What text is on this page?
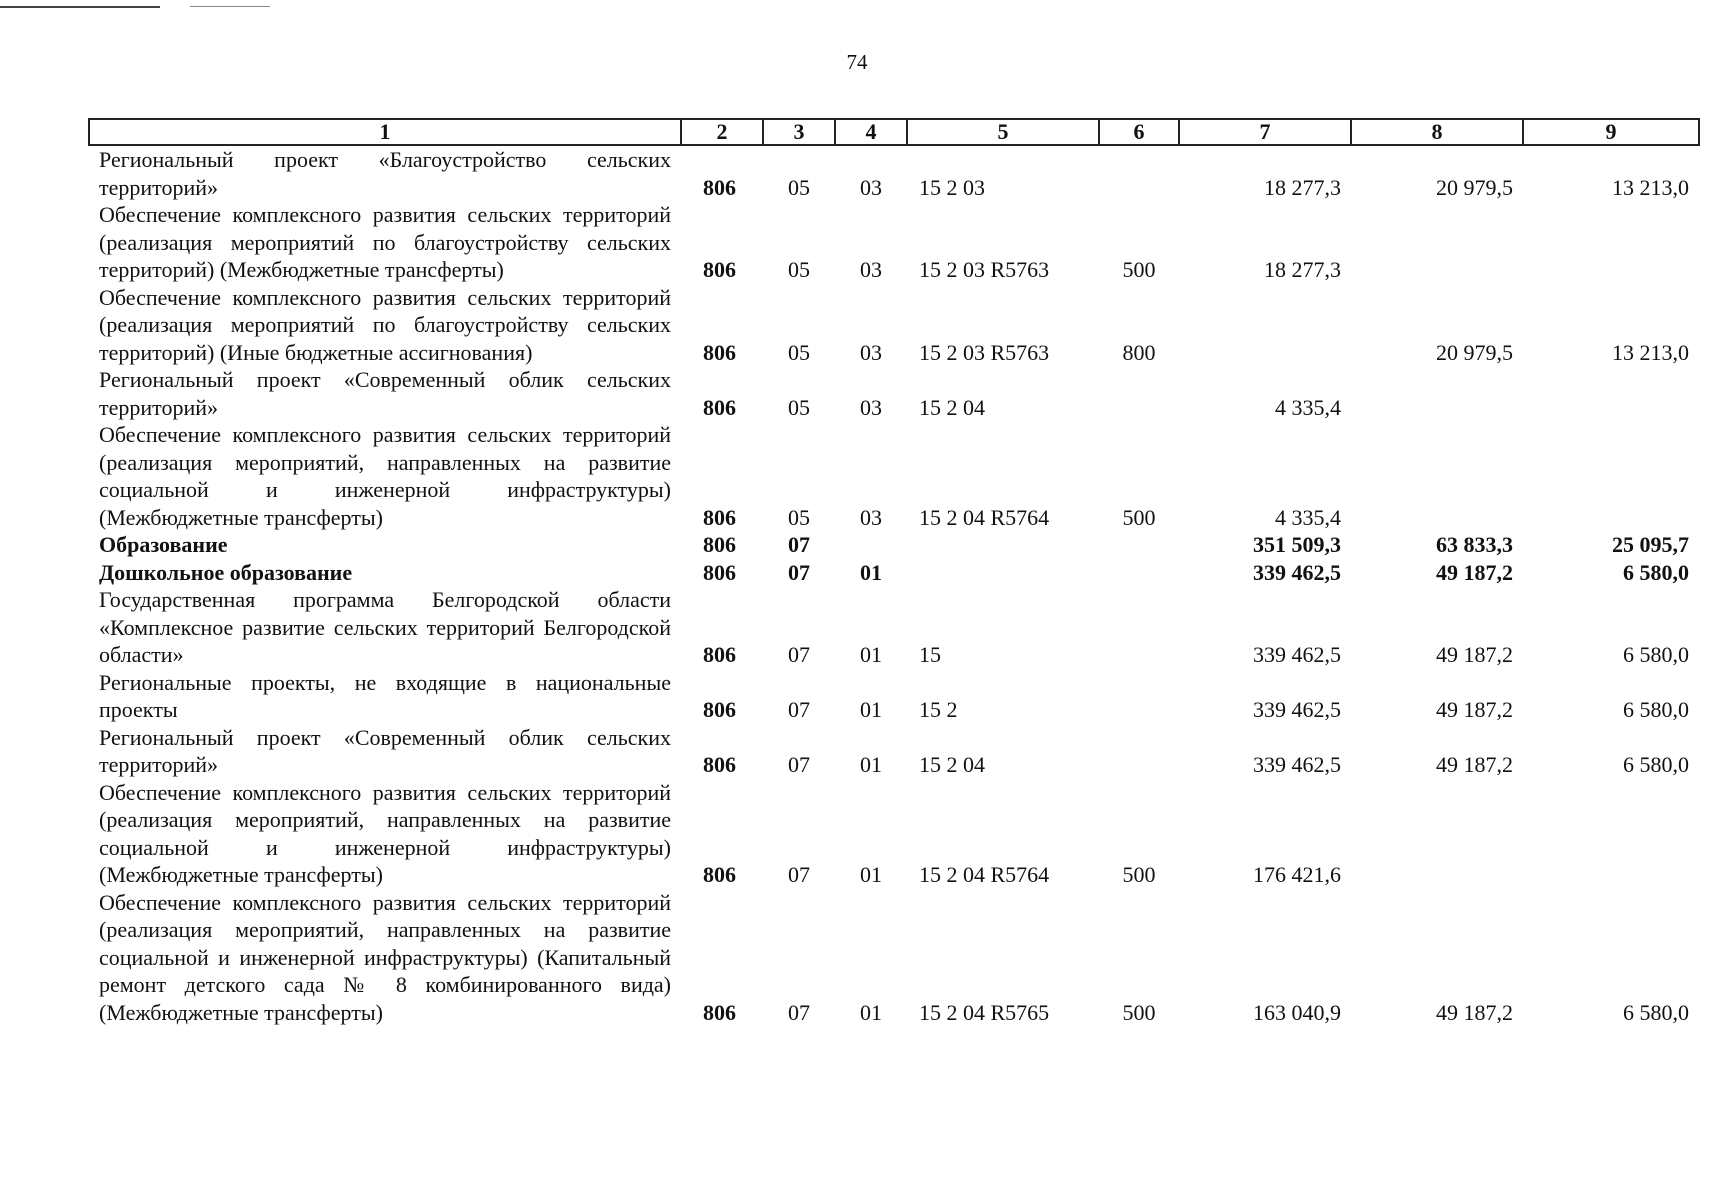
74
1	2	3	4	5	6	7	8	9
Региональный проект «Благоустройство сельских территорий»	806	05	03	15 2 03		18 277,3	20 979,5	13 213,0
Обеспечение комплексного развития сельских территорий (реализация мероприятий по благоустройству сельских территорий) (Межбюджетные трансферты)	806	05	03	15 2 03 R5763	500	18 277,3		
Обеспечение комплексного развития сельских территорий (реализация мероприятий по благоустройству сельских территорий) (Иные бюджетные ассигнования)	806	05	03	15 2 03 R5763	800		20 979,5	13 213,0
Региональный проект «Современный облик сельских территорий»	806	05	03	15 2 04		4 335,4		
Обеспечение комплексного развития сельских территорий (реализация мероприятий, направленных на развитие социальной и инженерной инфраструктуры) (Межбюджетные трансферты)	806	05	03	15 2 04 R5764	500	4 335,4		
Образование	806	07				351 509,3	63 833,3	25 095,7
Дошкольное образование	806	07	01			339 462,5	49 187,2	6 580,0
Государственная программа Белгородской области «Комплексное развитие сельских территорий Белгородской области»	806	07	01	15		339 462,5	49 187,2	6 580,0
Региональные проекты, не входящие в национальные проекты	806	07	01	15 2		339 462,5	49 187,2	6 580,0
Региональный проект «Современный облик сельских территорий»	806	07	01	15 2 04		339 462,5	49 187,2	6 580,0
Обеспечение комплексного развития сельских территорий (реализация мероприятий, направленных на развитие социальной и инженерной инфраструктуры) (Межбюджетные трансферты)	806	07	01	15 2 04 R5764	500	176 421,6		
Обеспечение комплексного развития сельских территорий (реализация мероприятий, направленных на развитие социальной и инженерной инфраструктуры) (Капитальный ремонт детского сада № 8 комбинированного вида) (Межбюджетные трансферты)	806	07	01	15 2 04 R5765	500	163 040,9	49 187,2	6 580,0
